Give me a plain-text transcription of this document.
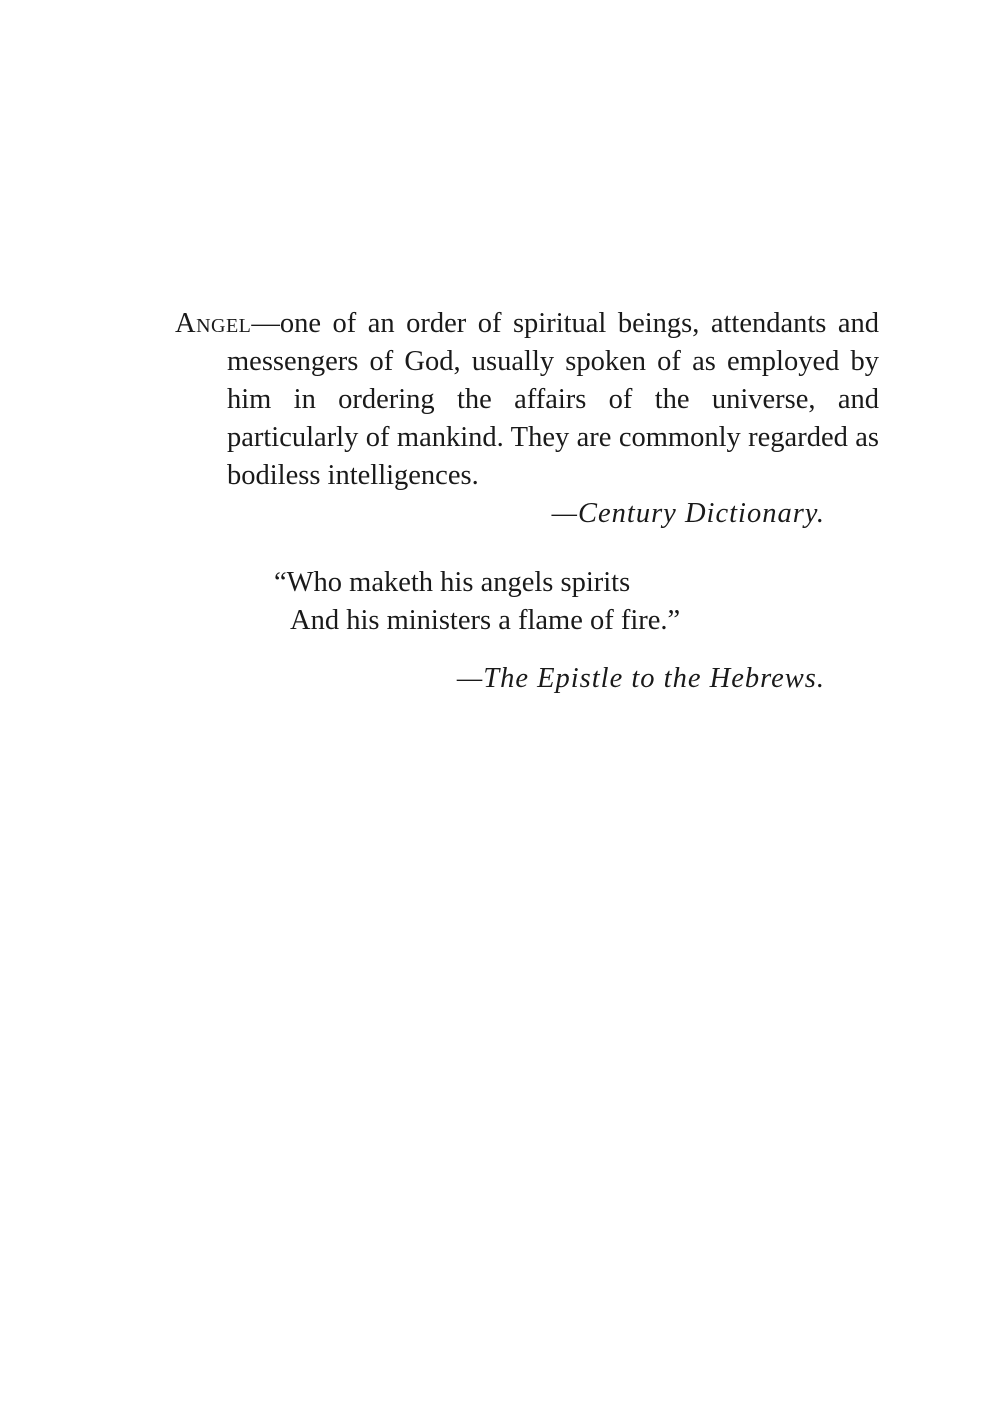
Angel—one of an order of spiritual beings, attendants and messengers of God, usually spoken of as employed by him in ordering the affairs of the universe, and particularly of mankind. They are commonly regarded as bodiless intelligences.

—Century Dictionary.

“Who maketh his angels spirits
And his ministers a flame of fire.”

—The Epistle to the Hebrews.
